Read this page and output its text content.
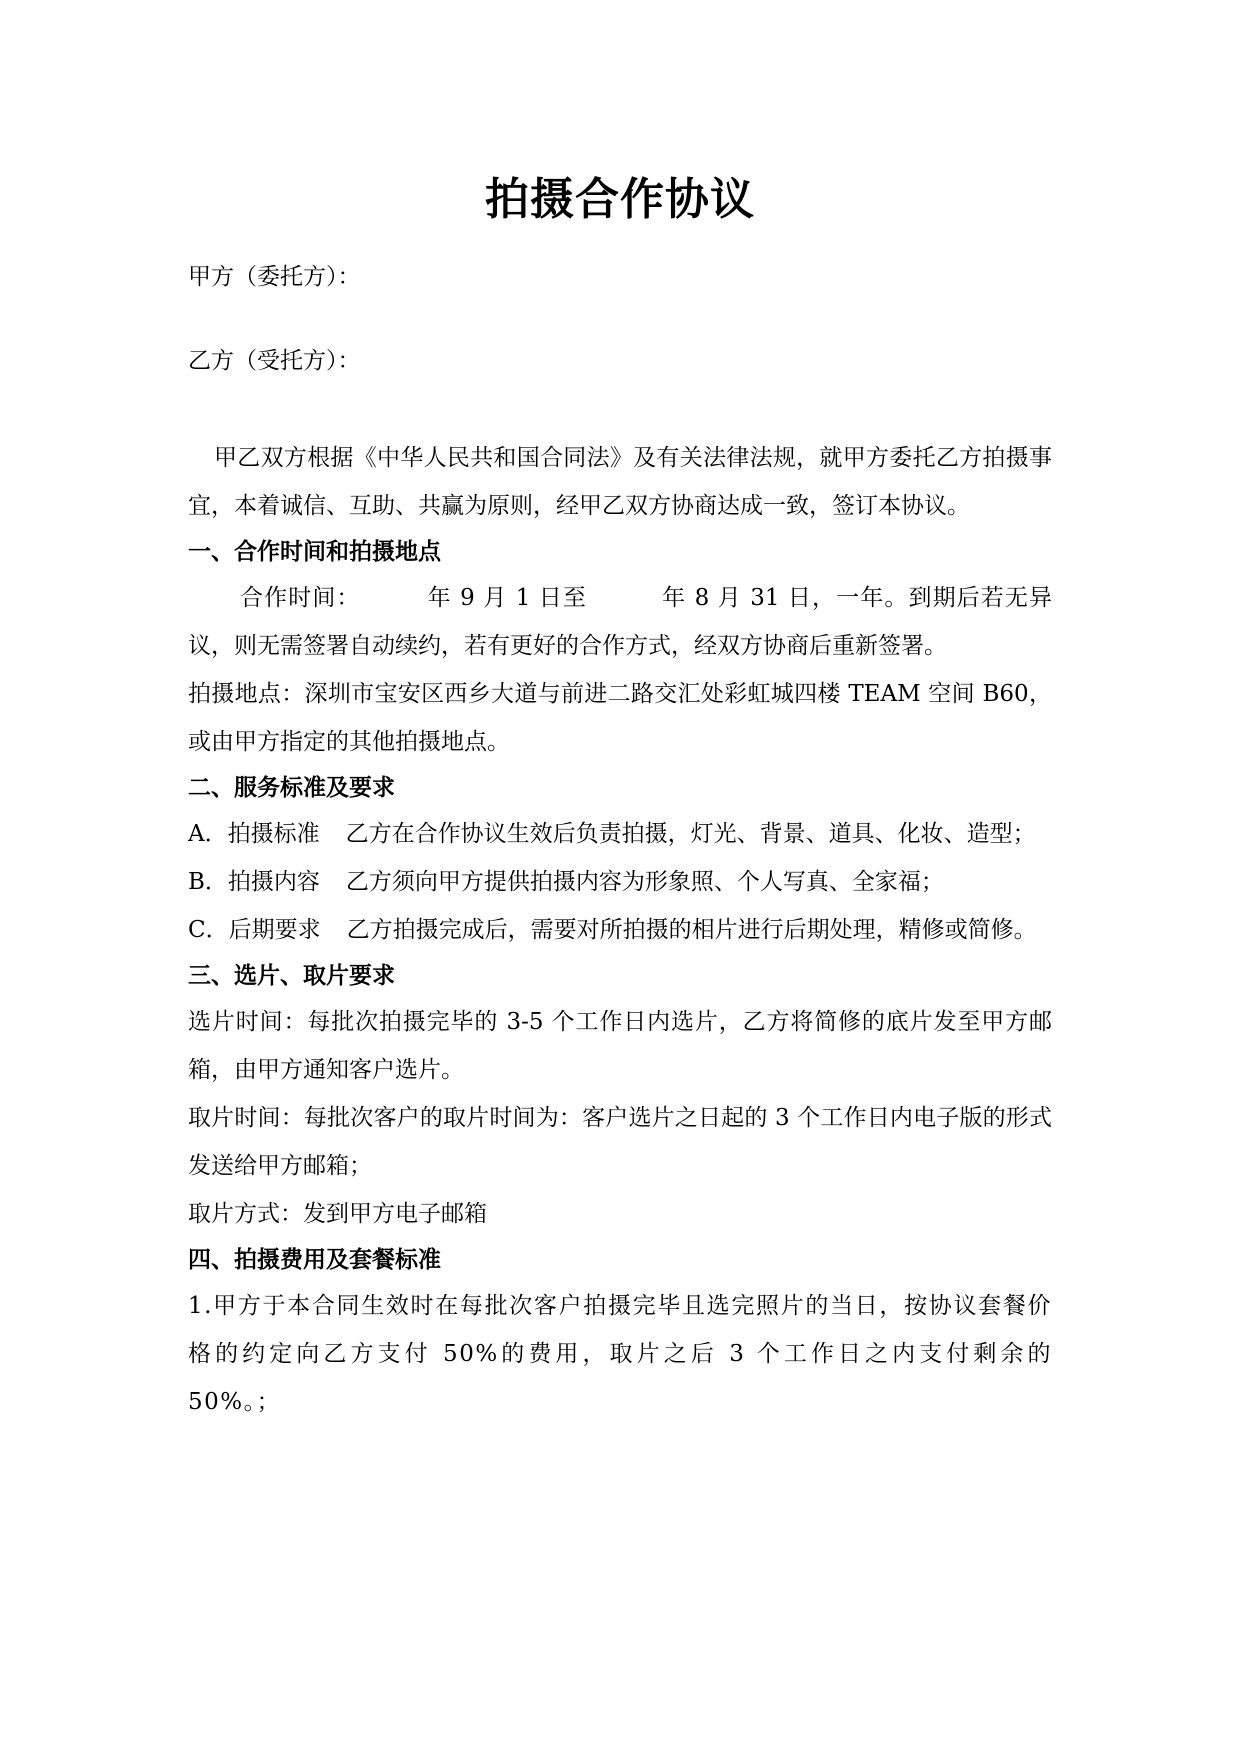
拍摄合作协议
甲方（委托方）：
乙方（受托方）：

甲乙双方根据《中华人民共和国合同法》及有关法律法规，就甲方委托乙方拍摄事宜，本着诚信、互助、共赢为原则，经甲乙双方协商达成一致，签订本协议。

一、合作时间和拍摄地点

合作时间：	年 9 月 1 日至	年 8 月 31 日，一年。到期后若无异议，则无需签署自动续约，若有更好的合作方式，经双方协商后重新签署。

拍摄地点：深圳市宝安区西乡大道与前进二路交汇处彩虹城四楼 TEAM 空间 B60，或由甲方指定的其他拍摄地点。

二、服务标准及要求

A．拍摄标准 乙方在合作协议生效后负责拍摄，灯光、背景、道具、化妆、造型；

B．拍摄内容 乙方须向甲方提供拍摄内容为形象照、个人写真、全家福；

C．后期要求 乙方拍摄完成后，需要对所拍摄的相片进行后期处理，精修或简修。

三、选片、取片要求

选片时间：每批次拍摄完毕的 3-5 个工作日内选片，乙方将简修的底片发至甲方邮箱，由甲方通知客户选片。

取片时间：每批次客户的取片时间为：客户选片之日起的 3 个工作日内电子版的形式发送给甲方邮箱；

取片方式：发到甲方电子邮箱

四、拍摄费用及套餐标准

1.甲方于本合同生效时在每批次客户拍摄完毕且选完照片的当日，按协议套餐价格的约定向乙方支付 50%的费用，取片之后 3 个工作日之内支付剩余的 50%。；
